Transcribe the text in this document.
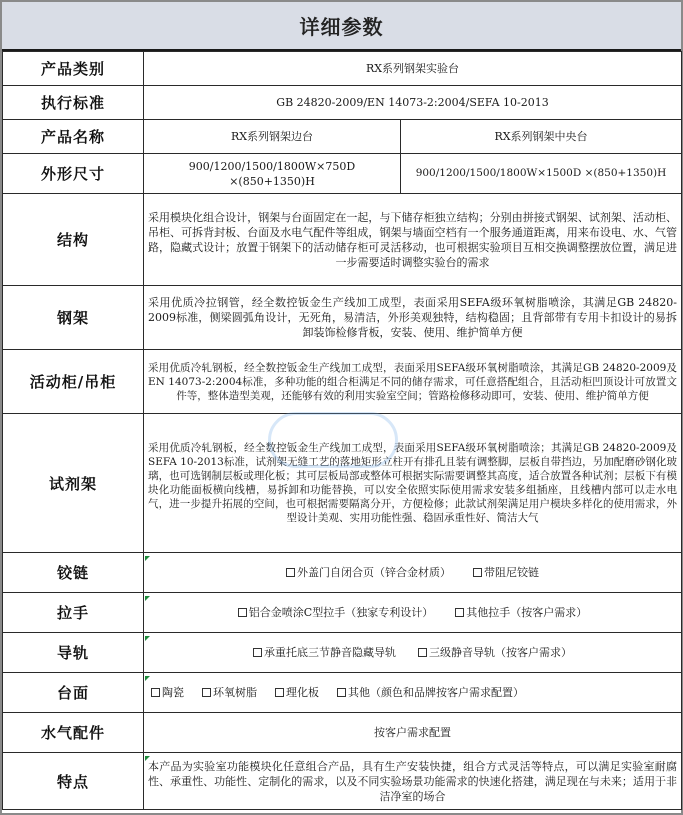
详细参数
产品类别	RX系列钢架实验台	
执行标准	GB 24820-2009/EN 14073-2:2004/SEFA 10-2013	
产品名称	RX系列钢架边台	RX系列钢架中央台
外形尺寸	900/1200/1500/1800W×750D ×(850+1350)H	900/1200/1500/1800W×1500D ×(850+1350)H
结构	采用模块化组合设计，钢架与台面固定在一起，与下储存柜独立结构；分别由拼接式钢架、试剂架、活动柜、吊柜、可拆背封板、台面及水电气配件等组成，钢架与墙面空档有一个服务通道距离，用来布设电、水、气管路，隐藏式设计；放置于钢架下的活动储存柜可灵活移动，也可根据实验项目互相交换调整摆放位置，满足进一步需要适时调整实验台的需求	
钢架	采用优质冷拉钢管，经全数控钣金生产线加工成型，表面采用SEFA级环氧树脂喷涂，其满足GB 24820-2009标准，侧梁圆弧角设计，无死角，易清洁，外形美观独特，结构稳固；且背部带有专用卡扣设计的易拆卸装饰检修背板，安装、使用、维护简单方便	
活动柜/吊柜	采用优质冷轧钢板，经全数控钣金生产线加工成型，表面采用SEFA级环氧树脂喷涂，其满足GB 24820-2009及EN 14073-2:2004标准，多种功能的组合柜满足不同的储存需求，可任意搭配组合，且活动柜凹顶设计可放置文件等，整体造型美观，还能够有效的利用实验室空间；管路检修移动即可，安装、使用、维护简单方便	
试剂架	采用优质冷轧钢板，经全数控钣金生产线加工成型，表面采用SEFA级环氧树脂喷涂；其满足GB 24820-2009及SEFA 10-2013标准，试剂架无缝工艺的落地矩形立柱开有排孔且装有调整脚，层板自带挡边，另加配磨砂钢化玻璃，也可选钢制层板或理化板；其可层板局部或整体可根据实际需要调整其高度，适合放置各种试剂；层板下有模块化功能面板横向线槽，易拆卸和功能替换，可以安全依照实际使用需求安装多组插座，且线槽内部可以走水电气，进一步提升拓展的空间，也可根据需要隔离分开，方便检修；此款试剂架满足用户模块多样化的使用需求，外型设计美观、实用功能性强、稳固承重性好、简洁大气	
铰链	外盖门自闭合页（锌合金材质） 带阻尼铰链	

拉手	铝合金喷涂C型拉手（独家专利设计） 其他拉手（按客户需求）	

导轨	承重托底三节静音隐藏导轨 三级静音导轨（按客户需求）	

台面	陶瓷 环氧树脂 理化板 其他（颜色和品牌按客户需求配置）	

水气配件	按客户需求配置	
特点	本产品为实验室功能模块化任意组合产品，具有生产安装快捷，组合方式灵活等特点，可以满足实验室耐腐性、承重性、功能性、定制化的需求，以及不同实验场景功能需求的快速化搭建，满足现在与未来；适用于非洁净室的场合	
